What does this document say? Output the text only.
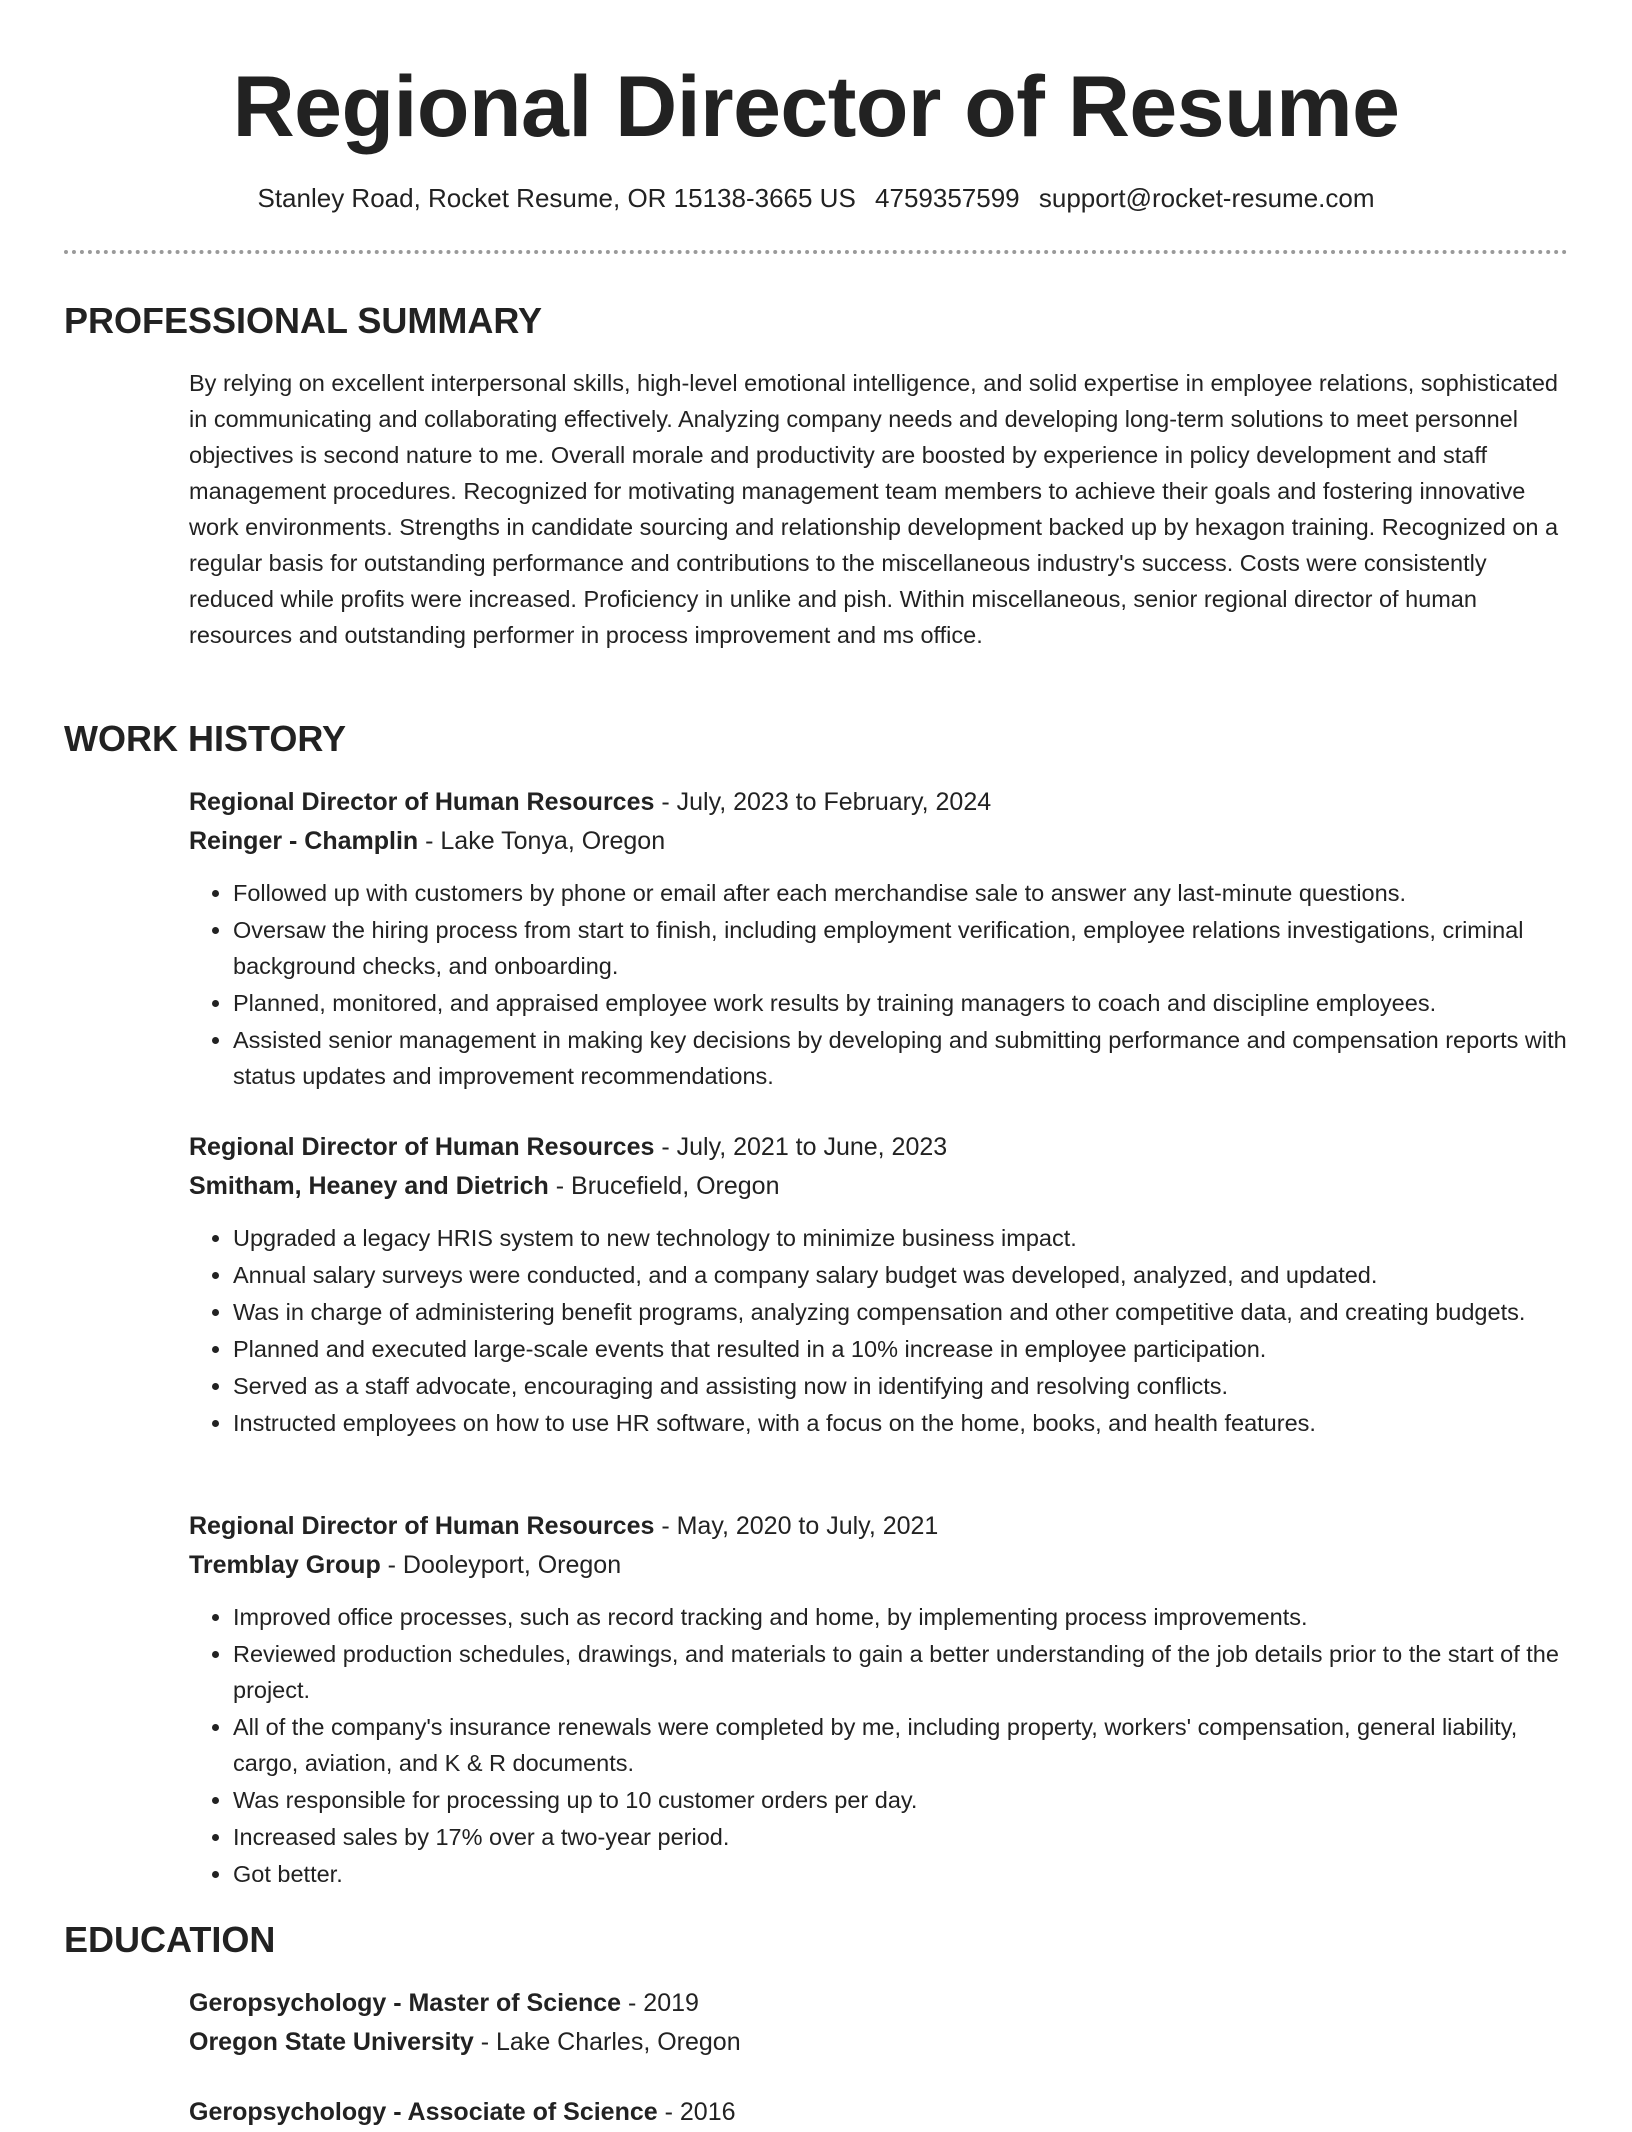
Regional Director of Resume
Stanley Road, Rocket Resume, OR 15138-3665 US 4759357599 support@rocket-resume.com
PROFESSIONAL SUMMARY
By relying on excellent interpersonal skills, high-level emotional intelligence, and solid expertise in employee relations, sophisticated in communicating and collaborating effectively. Analyzing company needs and developing long-term solutions to meet personnel objectives is second nature to me. Overall morale and productivity are boosted by experience in policy development and staff management procedures. Recognized for motivating management team members to achieve their goals and fostering innovative work environments. Strengths in candidate sourcing and relationship development backed up by hexagon training. Recognized on a regular basis for outstanding performance and contributions to the miscellaneous industry's success. Costs were consistently reduced while profits were increased. Proficiency in unlike and pish. Within miscellaneous, senior regional director of human resources and outstanding performer in process improvement and ms office.
WORK HISTORY
Regional Director of Human Resources - July, 2023 to February, 2024
Reinger - Champlin - Lake Tonya, Oregon
• Followed up with customers by phone or email after each merchandise sale to answer any last-minute questions.
• Oversaw the hiring process from start to finish, including employment verification, employee relations investigations, criminal background checks, and onboarding.
• Planned, monitored, and appraised employee work results by training managers to coach and discipline employees.
• Assisted senior management in making key decisions by developing and submitting performance and compensation reports with status updates and improvement recommendations.
Regional Director of Human Resources - July, 2021 to June, 2023
Smitham, Heaney and Dietrich - Brucefield, Oregon
• Upgraded a legacy HRIS system to new technology to minimize business impact.
• Annual salary surveys were conducted, and a company salary budget was developed, analyzed, and updated.
• Was in charge of administering benefit programs, analyzing compensation and other competitive data, and creating budgets.
• Planned and executed large-scale events that resulted in a 10% increase in employee participation.
• Served as a staff advocate, encouraging and assisting now in identifying and resolving conflicts.
• Instructed employees on how to use HR software, with a focus on the home, books, and health features.
Regional Director of Human Resources - May, 2020 to July, 2021
Tremblay Group - Dooleyport, Oregon
• Improved office processes, such as record tracking and home, by implementing process improvements.
• Reviewed production schedules, drawings, and materials to gain a better understanding of the job details prior to the start of the project.
• All of the company's insurance renewals were completed by me, including property, workers' compensation, general liability, cargo, aviation, and K & R documents.
• Was responsible for processing up to 10 customer orders per day.
• Increased sales by 17% over a two-year period.
• Got better.
EDUCATION
Geropsychology - Master of Science - 2019
Oregon State University - Lake Charles, Oregon
Geropsychology - Associate of Science - 2016
